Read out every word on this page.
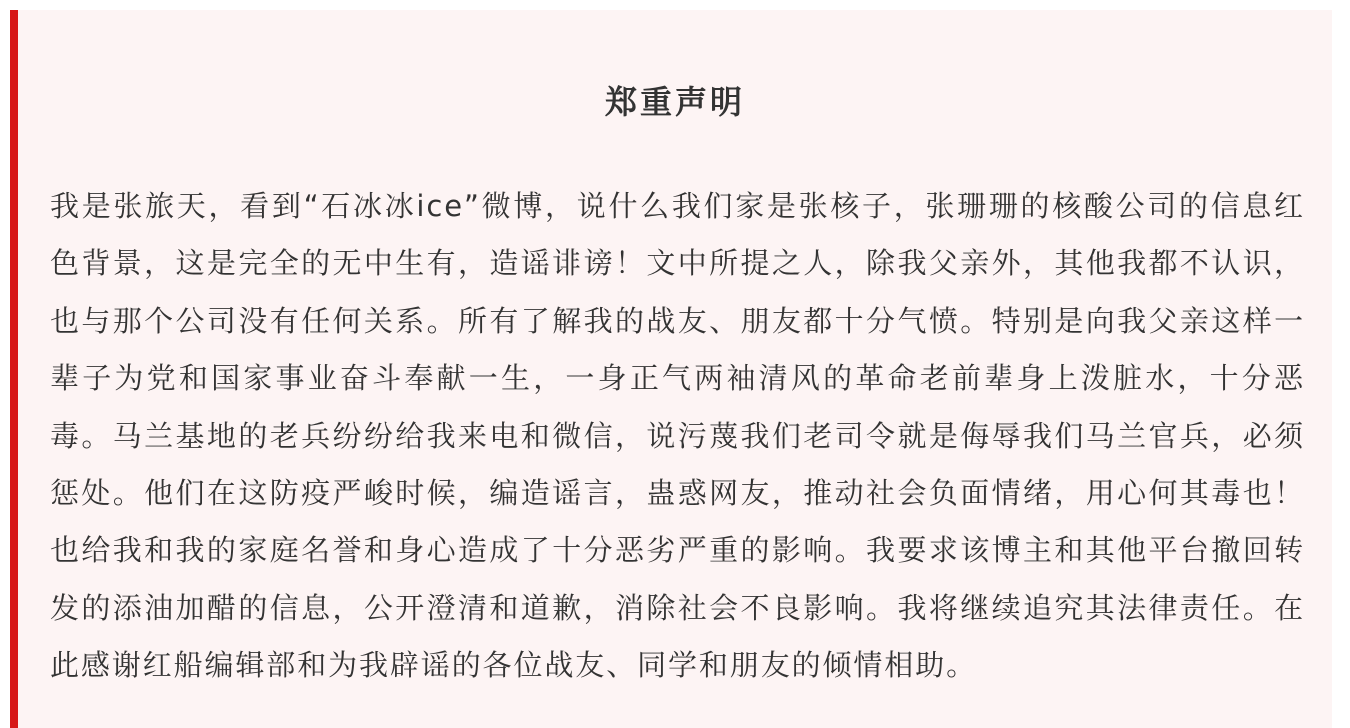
郑重声明

我是张旅天，看到“石冰冰ice”微博，说什么我们家是张核子，张珊珊的核酸公司的信息红色背景，这是完全的无中生有，造谣诽谤！文中所提之人，除我父亲外，其他我都不认识，也与那个公司没有任何关系。所有了解我的战友、朋友都十分气愤。特别是向我父亲这样一辈子为党和国家事业奋斗奉献一生，一身正气两袖清风的革命老前辈身上泼脏水，十分恶毒。马兰基地的老兵纷纷给我来电和微信，说污蔑我们老司令就是侮辱我们马兰官兵，必须惩处。他们在这防疫严峻时候，编造谣言，蛊惑网友，推动社会负面情绪，用心何其毒也！也给我和我的家庭名誉和身心造成了十分恶劣严重的影响。我要求该博主和其他平台撤回转发的添油加醋的信息，公开澄清和道歉，消除社会不良影响。我将继续追究其法律责任。在此感谢红船编辑部和为我辟谣的各位战友、同学和朋友的倾情相助。
